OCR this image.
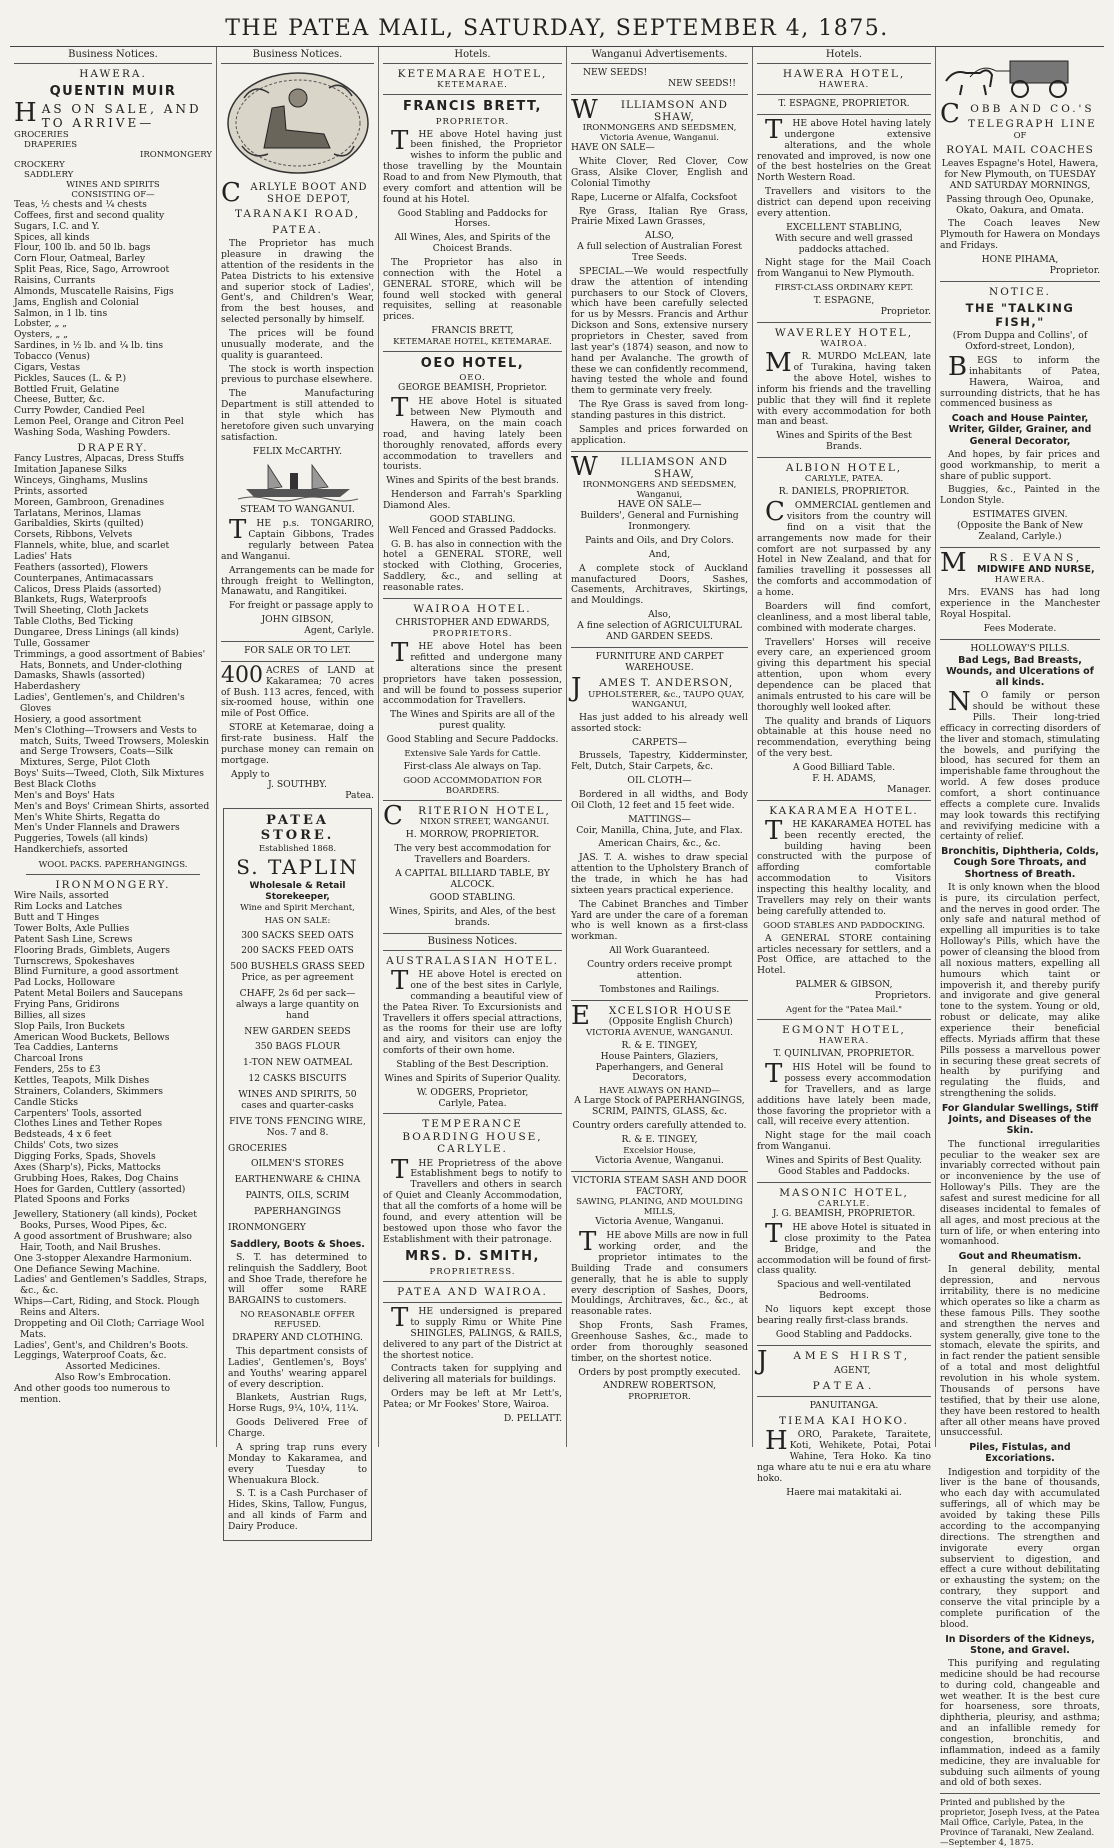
THE PATEA MAIL, SATURDAY, SEPTEMBER 4, 1875.
Business Notices.
HAWERA.
QUENTIN MUIR
HAS ON SALE, AND TO ARRIVE—
GROCERIES
DRAPERIES
IRONMONGERY
CROCKERY
SADDLERY
WINES AND SPIRITS
CONSISTING OF—
Teas, ½ chests and ¼ chests
Coffees, first and second quality
Sugars, I.C. and Y.
Spices, all kinds
Flour, 100 lb. and 50 lb. bags
Corn Flour, Oatmeal, Barley
Split Peas, Rice, Sago, Arrowroot
Raisins, Currants
Almonds, Muscatelle Raisins, Figs
Jams, English and Colonial
Salmon, in 1 lb. tins
Lobster, „ „
Oysters, „ „
Sardines, in ½ lb. and ¼ lb. tins
Tobacco (Venus)
Cigars, Vestas
Pickles, Sauces (L. & P.)
Bottled Fruit, Gelatine
Cheese, Butter, &c.
Curry Powder, Candied Peel
Lemon Peel, Orange and Citron Peel
Washing Soda, Washing Powders.
DRAPERY.
Fancy Lustres, Alpacas, Dress Stuffs
Imitation Japanese Silks
Winceys, Ginghams, Muslins
Prints, assorted
Moreen, Gambroon, Grenadines
Tarlatans, Merinos, Llamas
Garibaldies, Skirts (quilted)
Corsets, Ribbons, Velvets
Flannels, white, blue, and scarlet
Ladies' Hats
Feathers (assorted), Flowers
Counterpanes, Antimacassars
Calicos, Dress Plaids (assorted)
Blankets, Rugs, Waterproofs
Twill Sheeting, Cloth Jackets
Table Cloths, Bed Ticking
Dungaree, Dress Linings (all kinds)
Tulle, Gossamer
Trimmings, a good assortment of Babies' Hats, Bonnets, and Under-clothing
Damasks, Shawls (assorted)
Haberdashery
Ladies', Gentlemen's, and Children's Gloves
Hosiery, a good assortment
Men's Clothing—Trowsers and Vests to match, Suits, Tweed Trowsers, Moleskin and Serge Trowsers, Coats—Silk Mixtures, Serge, Pilot Cloth
Boys' Suits—Tweed, Cloth, Silk Mixtures
Best Black Cloths
Men's and Boys' Hats
Men's and Boys' Crimean Shirts, assorted
Men's White Shirts, Regatta do
Men's Under Flannels and Drawers
Puggeries, Towels (all kinds)
Handkerchiefs, assorted
WOOL PACKS. PAPERHANGINGS.
IRONMONGERY.
Wire Nails, assorted
Rim Locks and Latches
Butt and T Hinges
Tower Bolts, Axle Pullies
Patent Sash Line, Screws
Flooring Brads, Gimblets, Augers
Turnscrews, Spokeshaves
Blind Furniture, a good assortment
Pad Locks, Holloware
Patent Metal Boilers and Saucepans
Frying Pans, Gridirons
Billies, all sizes
Slop Pails, Iron Buckets
American Wood Buckets, Bellows
Tea Caddies, Lanterns
Charcoal Irons
Fenders, 25s to £3
Kettles, Teapots, Milk Dishes
Strainers, Colanders, Skimmers
Candle Sticks
Carpenters' Tools, assorted
Clothes Lines and Tether Ropes
Bedsteads, 4 x 6 feet
Childs' Cots, two sizes
Digging Forks, Spads, Shovels
Axes (Sharp's), Picks, Mattocks
Grubbing Hoes, Rakes, Dog Chains
Hoes for Garden, Cuttlery (assorted)
Plated Spoons and Forks
Jewellery, Stationery (all kinds), Pocket Books, Purses, Wood Pipes, &c.
A good assortment of Brushware; also Hair, Tooth, and Nail Brushes.
One 3-stopper Alexandre Harmonium.
One Defiance Sewing Machine.
Ladies' and Gentlemen's Saddles, Straps, &c., &c.
Whips—Cart, Riding, and Stock. Plough Reins and Alters.
Droppeting and Oil Cloth; Carriage Wool Mats.
Ladies', Gent's, and Children's Boots.
Leggings, Waterproof Coats, &c.
Assorted Medicines.
Also Row's Embrocation.
And other goods too numerous to mention.
Business Notices.
CARLYLE BOOT AND SHOE DEPOT,
TARANAKI ROAD,
PATEA.
The Proprietor has much pleasure in drawing the attention of the residents in the Patea Districts to his extensive and superior stock of Ladies', Gent's, and Children's Wear, from the best houses, and selected personally by himself.
The prices will be found unusually moderate, and the quality is guaranteed.
The stock is worth inspection previous to purchase elsewhere.
The Manufacturing Department is still attended to in that style which has heretofore given such unvarying satisfaction.
FELIX McCARTHY.
STEAM TO WANGANUI.
THE p.s. TONGARIRO, Captain Gibbons, Trades regularly between Patea and Wanganui.
Arrangements can be made for through freight to Wellington, Manawatu, and Rangitikei.
For freight or passage apply to
JOHN GIBSON,
Agent, Carlyle.
FOR SALE OR TO LET.
400 ACRES of LAND at Kakaramea; 70 acres of Bush. 113 acres, fenced, with six-roomed house, within one mile of Post Office.
STORE at Ketemarae, doing a first-rate business. Half the purchase money can remain on mortgage.
Apply to
J. SOUTHBY.
Patea.
PATEA STORE.
Established 1868.
S. TAPLIN
Wholesale & Retail Storekeeper,
Wine and Spirit Merchant,
HAS ON SALE:
300 SACKS SEED OATS
200 SACKS FEED OATS
500 BUSHELS GRASS SEED Price, as per agreement
CHAFF, 2s 6d per sack—always a large quantity on hand
NEW GARDEN SEEDS
350 BAGS FLOUR
1-TON NEW OATMEAL
12 CASKS BISCUITS
WINES AND SPIRITS, 50 cases and quarter-casks
FIVE TONS FENCING WIRE, Nos. 7 and 8.
GROCERIES
OILMEN'S STORES
EARTHENWARE & CHINA
PAINTS, OILS, SCRIM
PAPERHANGINGS
IRONMONGERY
Saddlery, Boots & Shoes.
S. T. has determined to relinquish the Saddlery, Boot and Shoe Trade, therefore he will offer some RARE BARGAINS to customers.
NO REASONABLE OFFER REFUSED.
DRAPERY AND CLOTHING.
This department consists of Ladies', Gentlemen's, Boys' and Youths' wearing apparel of every description.
Blankets, Austrian Rugs, Horse Rugs, 9¼, 10¼, 11¼.
Goods Delivered Free of Charge.
A spring trap runs every Monday to Kakaramea, and every Tuesday to Whenuakura Block.
S. T. is a Cash Purchaser of Hides, Skins, Tallow, Fungus, and all kinds of Farm and Dairy Produce.
Hotels.
KETEMARAE HOTEL,
KETEMARAE.
FRANCIS BRETT,
PROPRIETOR.
THE above Hotel having just been finished, the Proprietor wishes to inform the public and those travelling by the Mountain Road to and from New Plymouth, that every comfort and attention will be found at his Hotel.
Good Stabling and Paddocks for Horses.
All Wines, Ales, and Spirits of the Choicest Brands.
The Proprietor has also in connection with the Hotel a GENERAL STORE, which will be found well stocked with general requisites, selling at reasonable prices.
FRANCIS BRETT,
KETEMARAE HOTEL, KETEMARAE.
OEO HOTEL,
OEO.
GEORGE BEAMISH, Proprietor.
THE above Hotel is situated between New Plymouth and Hawera, on the main coach road, and having lately been thoroughly renovated, affords every accommodation to travellers and tourists.
Wines and Spirits of the best brands.
Henderson and Farrah's Sparkling Diamond Ales.
GOOD STABLING.
Well Fenced and Grassed Paddocks.
G. B. has also in connection with the hotel a GENERAL STORE, well stocked with Clothing, Groceries, Saddlery, &c., and selling at reasonable rates.
WAIROA HOTEL.
CHRISTOPHER AND EDWARDS,
PROPRIETORS.
THE above Hotel has been refitted and undergone many alterations since the present proprietors have taken possession, and will be found to possess superior accommodation for Travellers.
The Wines and Spirits are all of the purest quality.
Good Stabling and Secure Paddocks.
Extensive Sale Yards for Cattle.
First-class Ale always on Tap.
GOOD ACCOMMODATION FOR BOARDERS.
CRITERION HOTEL,
NIXON STREET, WANGANUI.
H. MORROW, PROPRIETOR.
The very best accommodation for Travellers and Boarders.
A CAPITAL BILLIARD TABLE, BY ALCOCK.
GOOD STABLING.
Wines, Spirits, and Ales, of the best brands.
Business Notices.
AUSTRALASIAN HOTEL.
THE above Hotel is erected on one of the best sites in Carlyle, commanding a beautiful view of the Patea River. To Excursionists and Travellers it offers special attractions, as the rooms for their use are lofty and airy, and visitors can enjoy the comforts of their own home.
Stabling of the Best Description.
Wines and Spirits of Superior Quality.
W. ODGERS, Proprietor,
Carlyle, Patea.
TEMPERANCE BOARDING HOUSE, CARLYLE.
THE Proprietress of the above Establishment begs to notify to Travellers and others in search of Quiet and Cleanly Accommodation, that all the comforts of a home will be found, and every attention will be bestowed upon those who favor the Establishment with their patronage.
MRS. D. SMITH,
PROPRIETRESS.
PATEA AND WAIROA.
THE undersigned is prepared to supply Rimu or White Pine SHINGLES, PALINGS, & RAILS, delivered to any part of the District at the shortest notice.
Contracts taken for supplying and delivering all materials for buildings.
Orders may be left at Mr Lett's, Patea; or Mr Fookes' Store, Wairoa.
D. PELLATT.
Wanganui Advertisements.
NEW SEEDS!
NEW SEEDS!!
WILLIAMSON AND SHAW,
IRONMONGERS AND SEEDSMEN, Victoria Avenue, Wanganui.
HAVE ON SALE—
White Clover, Red Clover, Cow Grass, Alsike Clover, English and Colonial Timothy
Rape, Lucerne or Alfalfa, Cocksfoot
Rye Grass, Italian Rye Grass, Prairie Mixed Lawn Grasses,
ALSO,
A full selection of Australian Forest Tree Seeds.
SPECIAL.—We would respectfully draw the attention of intending purchasers to our Stock of Clovers, which have been carefully selected for us by Messrs. Francis and Arthur Dickson and Sons, extensive nursery proprietors in Chester, saved from last year's (1874) season, and now to hand per Avalanche. The growth of these we can confidently recommend, having tested the whole and found them to germinate very freely.
The Rye Grass is saved from long-standing pastures in this district.
Samples and prices forwarded on application.
WILLIAMSON AND SHAW,
IRONMONGERS AND SEEDSMEN, Wanganui,
HAVE ON SALE—
Builders', General and Furnishing Ironmongery.
Paints and Oils, and Dry Colors.
And,
A complete stock of Auckland manufactured Doors, Sashes, Casements, Architraves, Skirtings, and Mouldings.
Also,
A fine selection of AGRICULTURAL AND GARDEN SEEDS.
FURNITURE AND CARPET WAREHOUSE.
JAMES T. ANDERSON,
UPHOLSTERER, &c., TAUPO QUAY, WANGANUI,
Has just added to his already well assorted stock:
CARPETS—
Brussels, Tapestry, Kidderminster, Felt, Dutch, Stair Carpets, &c.
OIL CLOTH—
Bordered in all widths, and Body Oil Cloth, 12 feet and 15 feet wide.
MATTINGS—
Coir, Manilla, China, Jute, and Flax.
American Chairs, &c., &c.
JAS. T. A. wishes to draw special attention to the Upholstery Branch of the trade, in which he has had sixteen years practical experience.
The Cabinet Branches and Timber Yard are under the care of a foreman who is well known as a first-class workman.
All Work Guaranteed.
Country orders receive prompt attention.
Tombstones and Railings.
EXCELSIOR HOUSE
(Opposite English Church)
VICTORIA AVENUE, WANGANUI.
R. & E. TINGEY,
House Painters, Glaziers, Paperhangers, and General Decorators,
HAVE ALWAYS ON HAND—
A Large Stock of PAPERHANGINGS, SCRIM, PAINTS, GLASS, &c.
Country orders carefully attended to.
R. & E. TINGEY,
Excelsior House,
Victoria Avenue, Wanganui.
VICTORIA STEAM SASH AND DOOR FACTORY,
SAWING, PLANING, AND MOULDING MILLS,
Victoria Avenue, Wanganui.
THE above Mills are now in full working order, and the proprietor intimates to the Building Trade and consumers generally, that he is able to supply every description of Sashes, Doors, Mouldings, Architraves, &c., &c., at reasonable rates.
Shop Fronts, Sash Frames, Greenhouse Sashes, &c., made to order from thoroughly seasoned timber, on the shortest notice.
Orders by post promptly executed.
ANDREW ROBERTSON,
PROPRIETOR.
Hotels.
HAWERA HOTEL,
HAWERA.
T. ESPAGNE, PROPRIETOR.
THE above Hotel having lately undergone extensive alterations, and the whole renovated and improved, is now one of the best hostelries on the Great North Western Road.
Travellers and visitors to the district can depend upon receiving every attention.
EXCELLENT STABLING,
With secure and well grassed paddocks attached.
Night stage for the Mail Coach from Wanganui to New Plymouth.
FIRST-CLASS ORDINARY KEPT.
T. ESPAGNE,
Proprietor.
WAVERLEY HOTEL,
WAIROA.
MR. MURDO McLEAN, late of Turakina, having taken the above Hotel, wishes to inform his friends and the travelling public that they will find it replete with every accommodation for both man and beast.
Wines and Spirits of the Best Brands.
ALBION HOTEL,
CARLYLE, PATEA.
R. DANIELS, PROPRIETOR.
COMMERCIAL gentlemen and visitors from the country will find on a visit that the arrangements now made for their comfort are not surpassed by any Hotel in New Zealand, and that for families travelling it possesses all the comforts and accommodation of a home.
Boarders will find comfort, cleanliness, and a most liberal table, combined with moderate charges.
Travellers' Horses will receive every care, an experienced groom giving this department his special attention, upon whom every dependence can be placed that animals entrusted to his care will be thoroughly well looked after.
The quality and brands of Liquors obtainable at this house need no recommendation, everything being of the very best.
A Good Billiard Table.
F. H. ADAMS,
Manager.
KAKARAMEA HOTEL.
THE KAKARAMEA HOTEL has been recently erected, the building having been constructed with the purpose of affording comfortable accommodation to Visitors inspecting this healthy locality, and Travellers may rely on their wants being carefully attended to.
GOOD STABLES AND PADDOCKING.
A GENERAL STORE containing articles necessary for settlers, and a Post Office, are attached to the Hotel.
PALMER & GIBSON,
Proprietors.
Agent for the "Patea Mail."
EGMONT HOTEL,
HAWERA.
T. QUINLIVAN, PROPRIETOR.
THIS Hotel will be found to possess every accommodation for Travellers, and as large additions have lately been made, those favoring the proprietor with a call, will receive every attention.
Night stage for the mail coach from Wanganui.
Wines and Spirits of Best Quality.
Good Stables and Paddocks.
MASONIC HOTEL,
CARLYLE.
J. G. BEAMISH, PROPRIETOR.
THE above Hotel is situated in close proximity to the Patea Bridge, and the accommodation will be found of first-class quality.
Spacious and well-ventilated Bedrooms.
No liquors kept except those bearing really first-class brands.
Good Stabling and Paddocks.
JAMES HIRST,
AGENT,
PATEA.
PANUITANGA.
TIEMA KAI HOKO.
HORO, Parakete, Taraitete, Koti, Wehikete, Potai, Potai Wahine, Tera Hoko. Ka tino nga whare atu te nui e era atu whare hoko.
Haere mai matakitaki ai.
COBB AND CO.'S
TELEGRAPH LINE
OF
ROYAL MAIL COACHES
Leaves Espagne's Hotel, Hawera, for New Plymouth, on TUESDAY AND SATURDAY MORNINGS,
Passing through Oeo, Opunake, Okato, Oakura, and Omata.
The Coach leaves New Plymouth for Hawera on Mondays and Fridays.
HONE PIHAMA,
Proprietor.
NOTICE.
THE "TALKING FISH,"
(From Duppa and Collins', of Oxford-street, London),
BEGS to inform the inhabitants of Patea, Hawera, Wairoa, and surrounding districts, that he has commenced business as
Coach and House Painter, Writer, Gilder, Grainer, and General Decorator,
And hopes, by fair prices and good workmanship, to merit a share of public support.
Buggies, &c., Painted in the London Style.
ESTIMATES GIVEN.
(Opposite the Bank of New Zealand, Carlyle.)
MRS. EVANS,
MIDWIFE AND NURSE,
HAWERA.
Mrs. EVANS has had long experience in the Manchester Royal Hospital.
Fees Moderate.
HOLLOWAY'S PILLS.
Bad Legs, Bad Breasts, Wounds, and Ulcerations of all kinds.
NO family or person should be without these Pills. Their long-tried efficacy in correcting disorders of the liver and stomach, stimulating the bowels, and purifying the blood, has secured for them an imperishable fame throughout the world. A few doses produce comfort, a short continuance effects a complete cure. Invalids may look towards this rectifying and revivifying medicine with a certainty of relief.
Bronchitis, Diphtheria, Colds, Cough Sore Throats, and Shortness of Breath.
It is only known when the blood is pure, its circulation perfect, and the nerves in good order. The only safe and natural method of expelling all impurities is to take Holloway's Pills, which have the power of cleansing the blood from all noxious matters, expelling all humours which taint or impoverish it, and thereby purify and invigorate and give general tone to the system. Young or old, robust or delicate, may alike experience their beneficial effects. Myriads affirm that these Pills possess a marvellous power in securing these great secrets of health by purifying and regulating the fluids, and strengthening the solids.
For Glandular Swellings, Stiff Joints, and Diseases of the Skin.
The functional irregularities peculiar to the weaker sex are invariably corrected without pain or inconvenience by the use of Holloway's Pills. They are the safest and surest medicine for all diseases incidental to females of all ages, and most precious at the turn of life, or when entering into womanhood.
Gout and Rheumatism.
In general debility, mental depression, and nervous irritability, there is no medicine which operates so like a charm as these famous Pills. They soothe and strengthen the nerves and system generally, give tone to the stomach, elevate the spirits, and in fact render the patient sensible of a total and most delightful revolution in his whole system. Thousands of persons have testified, that by their use alone, they have been restored to health after all other means have proved unsuccessful.
Piles, Fistulas, and Excoriations.
Indigestion and torpidity of the liver is the bane of thousands, who each day with accumulated sufferings, all of which may be avoided by taking these Pills according to the accompanying directions. The strengthen and invigorate every organ subservient to digestion, and effect a cure without debilitating or exhausting the system; on the contrary, they support and conserve the vital principle by a complete purification of the blood.
In Disorders of the Kidneys, Stone, and Gravel.
This purifying and regulating medicine should be had recourse to during cold, changeable and wet weather. It is the best cure for hoarseness, sore throats, diphtheria, pleurisy, and asthma; and an infallible remedy for congestion, bronchitis, and inflammation, indeed as a family medicine, they are invaluable for subduing such ailments of young and old of both sexes.
Printed and published by the proprietor, Joseph Ivess, at the Patea Mail Office, Carlyle, Patea, in the Province of Taranaki, New Zealand.—September 4, 1875.
